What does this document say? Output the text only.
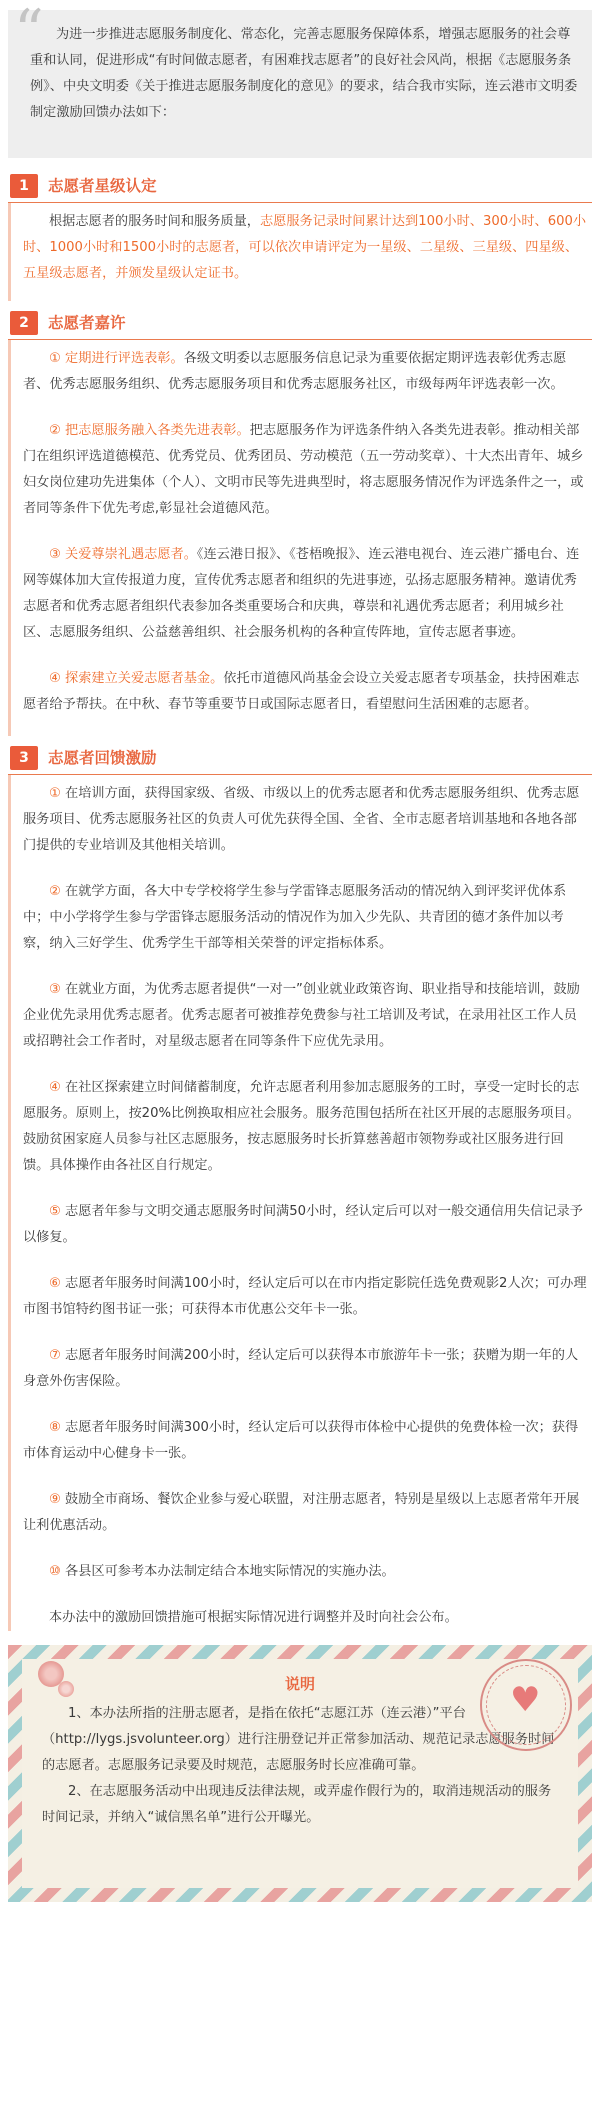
“ 为进一步推进志愿服务制度化、常态化，完善志愿服务保障体系，增强志愿服务的社会尊重和认同，促进形成“有时间做志愿者，有困难找志愿者”的良好社会风尚，根据《志愿服务条例》、中央文明委《关于推进志愿服务制度化的意见》的要求，结合我市实际，连云港市文明委制定激励回馈办法如下：

1	志愿者星级认定

根据志愿者的服务时间和服务质量，志愿服务记录时间累计达到100小时、300小时、600小时、1000小时和1500小时的志愿者，可以依次申请评定为一星级、二星级、三星级、四星级、五星级志愿者，并颁发星级认定证书。

2	志愿者嘉许

① 定期进行评选表彰。各级文明委以志愿服务信息记录为重要依据定期评选表彰优秀志愿者、优秀志愿服务组织、优秀志愿服务项目和优秀志愿服务社区，市级每两年评选表彰一次。

② 把志愿服务融入各类先进表彰。把志愿服务作为评选条件纳入各类先进表彰。推动相关部门在组织评选道德模范、优秀党员、优秀团员、劳动模范（五一劳动奖章）、十大杰出青年、城乡妇女岗位建功先进集体（个人）、文明市民等先进典型时，将志愿服务情况作为评选条件之一，或者同等条件下优先考虑,彰显社会道德风范。

③ 关爱尊崇礼遇志愿者。《连云港日报》、《苍梧晚报》、连云港电视台、连云港广播电台、连网等媒体加大宣传报道力度，宣传优秀志愿者和组织的先进事迹，弘扬志愿服务精神。邀请优秀志愿者和优秀志愿者组织代表参加各类重要场合和庆典，尊崇和礼遇优秀志愿者；利用城乡社区、志愿服务组织、公益慈善组织、社会服务机构的各种宣传阵地，宣传志愿者事迹。

④ 探索建立关爱志愿者基金。依托市道德风尚基金会设立关爱志愿者专项基金，扶持困难志愿者给予帮扶。在中秋、春节等重要节日或国际志愿者日，看望慰问生活困难的志愿者。

3	志愿者回馈激励

① 在培训方面，获得国家级、省级、市级以上的优秀志愿者和优秀志愿服务组织、优秀志愿服务项目、优秀志愿服务社区的负责人可优先获得全国、全省、全市志愿者培训基地和各地各部门提供的专业培训及其他相关培训。

② 在就学方面，各大中专学校将学生参与学雷锋志愿服务活动的情况纳入到评奖评优体系中；中小学将学生参与学雷锋志愿服务活动的情况作为加入少先队、共青团的德才条件加以考察，纳入三好学生、优秀学生干部等相关荣誉的评定指标体系。

③ 在就业方面，为优秀志愿者提供“一对一”创业就业政策咨询、职业指导和技能培训，鼓励企业优先录用优秀志愿者。优秀志愿者可被推荐免费参与社工培训及考试，在录用社区工作人员或招聘社会工作者时，对星级志愿者在同等条件下应优先录用。

④ 在社区探索建立时间储蓄制度，允许志愿者利用参加志愿服务的工时，享受一定时长的志愿服务。原则上，按20%比例换取相应社会服务。服务范围包括所在社区开展的志愿服务项目。鼓励贫困家庭人员参与社区志愿服务，按志愿服务时长折算慈善超市领物券或社区服务进行回馈。具体操作由各社区自行规定。

⑤ 志愿者年参与文明交通志愿服务时间满50小时，经认定后可以对一般交通信用失信记录予以修复。

⑥ 志愿者年服务时间满100小时，经认定后可以在市内指定影院任选免费观影2人次；可办理市图书馆特约图书证一张；可获得本市优惠公交年卡一张。

⑦ 志愿者年服务时间满200小时，经认定后可以获得本市旅游年卡一张；获赠为期一年的人身意外伤害保险。

⑧ 志愿者年服务时间满300小时，经认定后可以获得市体检中心提供的免费体检一次；获得市体育运动中心健身卡一张。

⑨ 鼓励全市商场、餐饮企业参与爱心联盟，对注册志愿者，特别是星级以上志愿者常年开展让利优惠活动。

⑩ 各县区可参考本办法制定结合本地实际情况的实施办法。

本办法中的激励回馈措施可根据实际情况进行调整并及时向社会公布。

♥
说明

1、本办法所指的注册志愿者，是指在依托“志愿江苏（连云港）”平台（http://lygs.jsvolunteer.org）进行注册登记并正常参加活动、规范记录志愿服务时间的志愿者。志愿服务记录要及时规范，志愿服务时长应准确可靠。

2、在志愿服务活动中出现违反法律法规，或弄虚作假行为的，取消违规活动的服务时间记录，并纳入“诚信黑名单”进行公开曝光。
